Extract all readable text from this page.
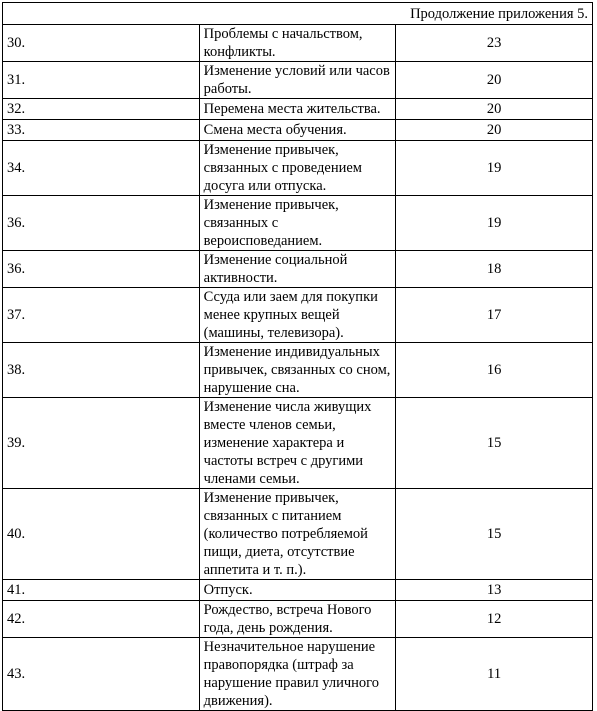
Продолжение приложения 5.		
30.	Проблемы с начальством, конфликты.	23
31.	Изменение условий или часов работы.	20
32.	Перемена места жительства.	20
33.	Смена места обучения.	20
34.	Изменение привычек, связанных с проведением досуга или отпуска.	19
36.	Изменение привычек, связанных с вероисповеданием.	19
36.	Изменение социальной активности.	18
37.	Ссуда или заем для покупки менее крупных вещей (машины, телевизора).	17
38.	Изменение индивидуальных привычек, связанных со сном, нарушение сна.	16
39.	Изменение числа живущих вместе членов семьи, изменение характера и частоты встреч с другими членами семьи.	15
40.	Изменение привычек, связанных с питанием (количество потребляемой пищи, диета, отсутствие аппетита и т. п.).	15
41.	Отпуск.	13
42.	Рождество, встреча Нового года, день рождения.	12
43.	Незначительное нарушение правопорядка (штраф за нарушение правил уличного движения).	11
